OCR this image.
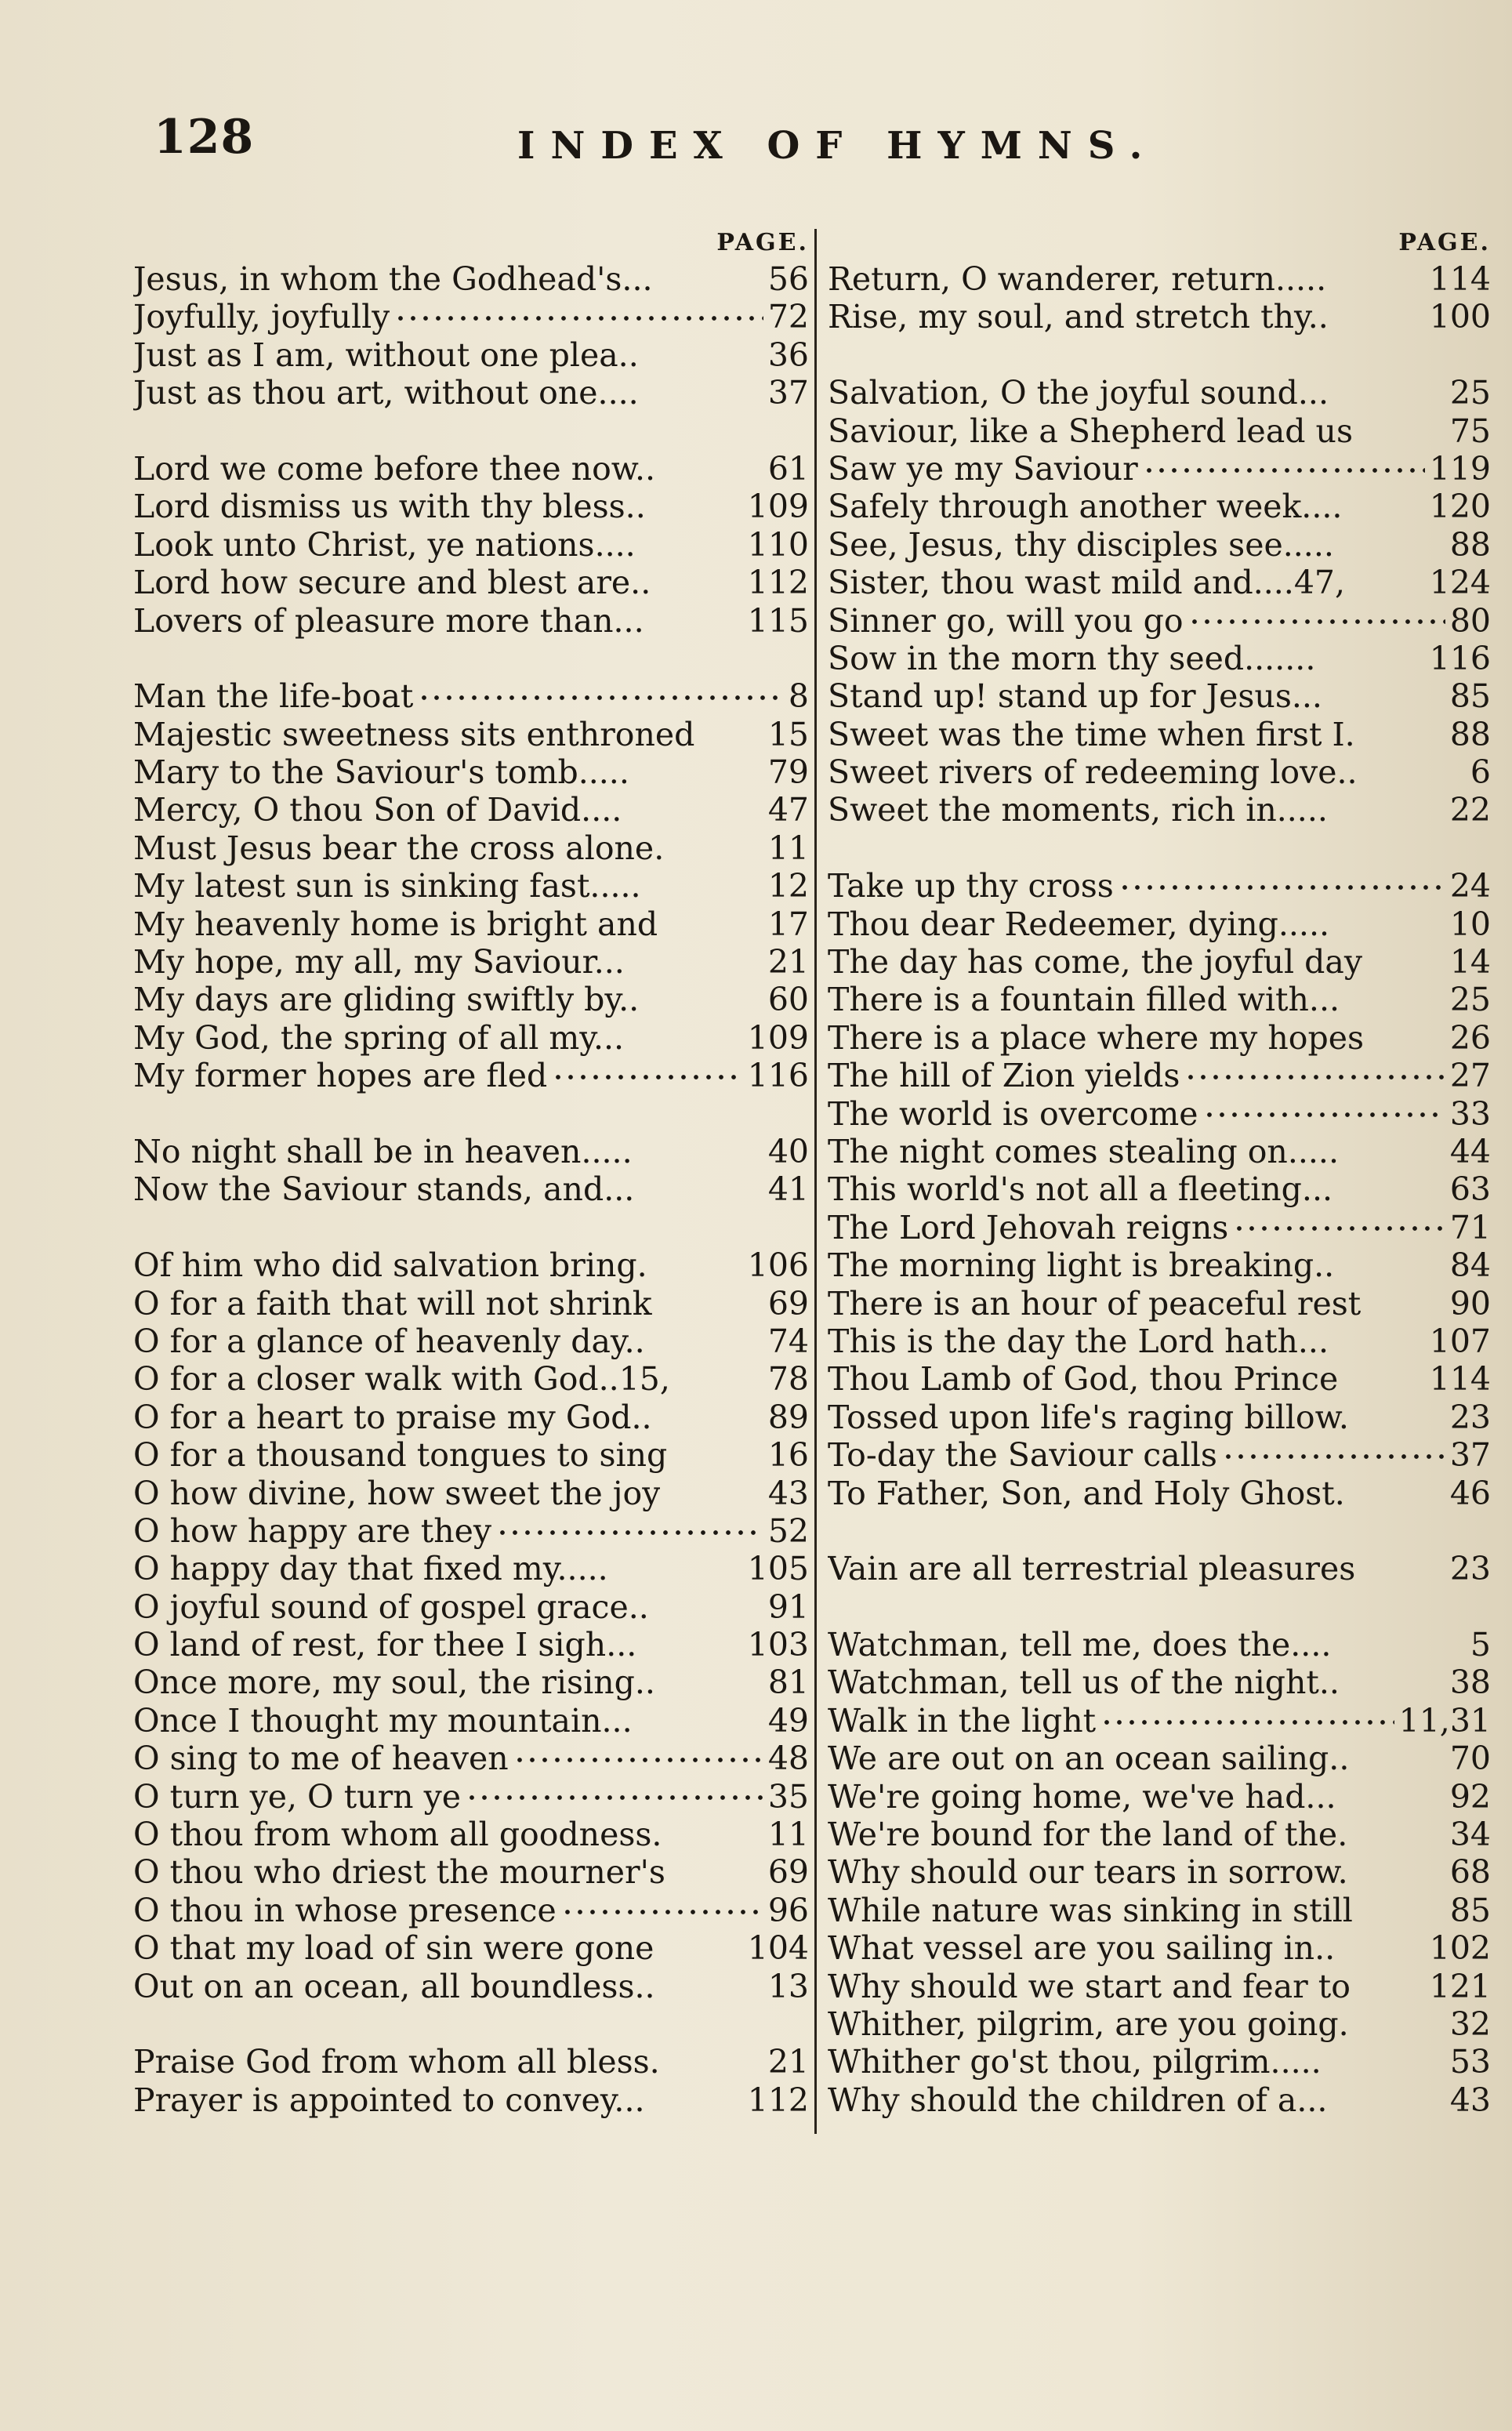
128	INDEX OF HYMNS.
PAGE.
Jesus, in whom the Godhead's...	56
Joyfully, joyfully	72
Just as I am, without one plea..	36
Just as thou art, without one....	37
Lord we come before thee now..	61
Lord dismiss us with thy bless..	109
Look unto Christ, ye nations....	110
Lord how secure and blest are..	112
Lovers of pleasure more than...	115
Man the life-boat	8
Majestic sweetness sits enthroned 15
Mary to the Saviour's tomb.....	79
Mercy, O thou Son of David....	47
Must Jesus bear the cross alone.	11
My latest sun is sinking fast.....	12
My heavenly home is bright and	17
My hope, my all, my Saviour...	21
My days are gliding swiftly by..	60
My God, the spring of all my...	109
My former hopes are fled	116
No night shall be in heaven.....	40
Now the Saviour stands, and...	41
Of him who did salvation bring.	106
O for a faith that will not shrink	69
O for a glance of heavenly day..	74
O for a closer walk with God..15,	78
O for a heart to praise my God..	89
O for a thousand tongues to sing	16
O how divine, how sweet the joy	43
O how happy are they	52
O happy day that fixed my.....	105
O joyful sound of gospel grace..	91
O land of rest, for thee I sigh...	103
Once more, my soul, the rising..	81
Once I thought my mountain...	49
O sing to me of heaven	48
O turn ye, O turn ye	35
O thou from whom all goodness.	11
O thou who driest the mourner's	69
O thou in whose presence	96
O that my load of sin were gone	104
Out on an ocean, all boundless..	13
Praise God from whom all bless.	21
Prayer is appointed to convey...	112
PAGE.
Return, O wanderer, return.....	114
Rise, my soul, and stretch thy..	100
Salvation, O the joyful sound...	25
Saviour, like a Shepherd lead us	75
Saw ye my Saviour	119
Safely through another week....	120
See, Jesus, thy disciples see.....	88
Sister, thou wast mild and....47,	124
Sinner go, will you go	80
Sow in the morn thy seed.......	116
Stand up! stand up for Jesus...	85
Sweet was the time when first I.	88
Sweet rivers of redeeming love..	6
Sweet the moments, rich in.....	22
Take up thy cross	24
Thou dear Redeemer, dying.....	10
The day has come, the joyful day	14
There is a fountain filled with...	25
There is a place where my hopes	26
The hill of Zion yields	27
The world is overcome	33
The night comes stealing on.....	44
This world's not all a fleeting...	63
The Lord Jehovah reigns	71
The morning light is breaking..	84
There is an hour of peaceful rest	90
This is the day the Lord hath...	107
Thou Lamb of God, thou Prince	114
Tossed upon life's raging billow.	23
To-day the Saviour calls	37
To Father, Son, and Holy Ghost.	46
Vain are all terrestrial pleasures	23
Watchman, tell me, does the....	5
Watchman, tell us of the night..	38
Walk in the light	11,31
We are out on an ocean sailing..	70
We're going home, we've had...	92
We're bound for the land of the.	34
Why should our tears in sorrow.	68
While nature was sinking in still	85
What vessel are you sailing in..	102
Why should we start and fear to 121
Whither, pilgrim, are you going.	32
Whither go'st thou, pilgrim.....	53
Why should the children of a...	43
